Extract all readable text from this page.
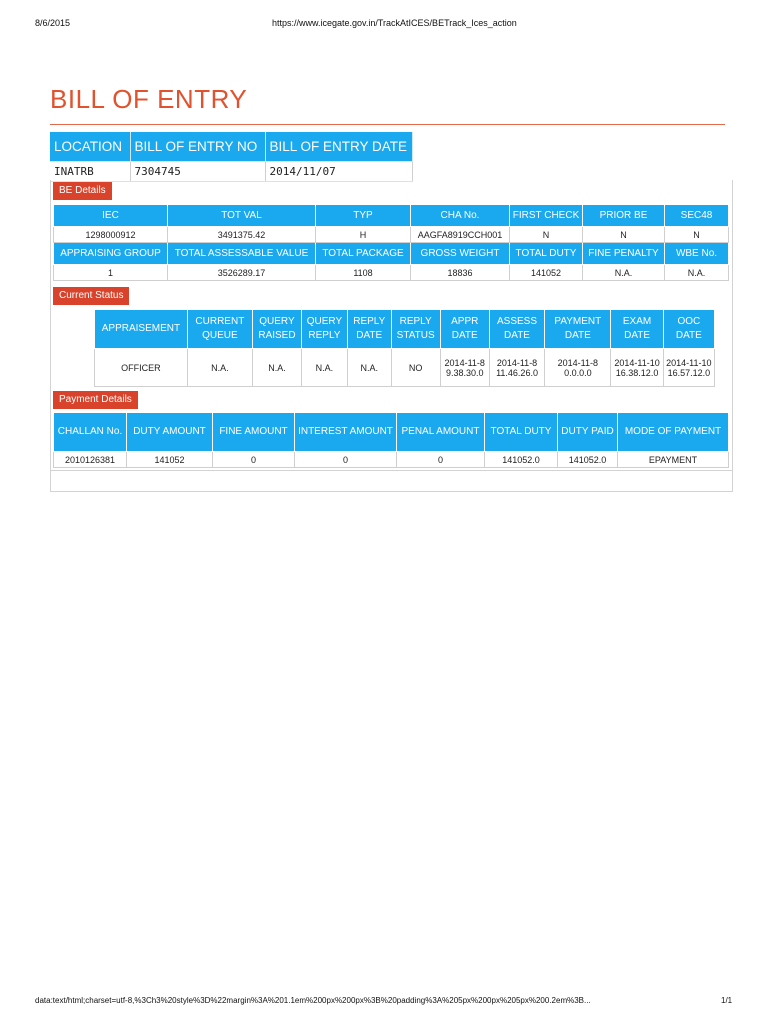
8/6/2015	https://www.icegate.gov.in/TrackAtICES/BETrack_Ices_action
BILL OF ENTRY
LOCATION	BILL OF ENTRY NO	BILL OF ENTRY DATE
INATRB	7304745	2014/11/07
BE Details
IEC	TOT VAL	TYP	CHA No.	FIRST CHECK	PRIOR BE	SEC48
1298000912	3491375.42	H	AAGFA8919CCH001	N	N	N
APPRAISING GROUP	TOTAL ASSESSABLE VALUE	TOTAL PACKAGE	GROSS WEIGHT	TOTAL DUTY	FINE PENALTY	WBE No.
1	3526289.17	1108	18836	141052	N.A.	N.A.
Current Status
APPRAISEMENT	CURRENT QUEUE	QUERY RAISED	QUERY REPLY	REPLY DATE	REPLY STATUS	APPR DATE	ASSESS DATE	PAYMENT DATE	EXAM DATE	OOC DATE
OFFICER	N.A.	N.A.	N.A.	N.A.	NO	2014-11-8 9.38.30.0	2014-11-8 11.46.26.0	2014-11-8 0.0.0.0	2014-11-10 16.38.12.0	2014-11-10 16.57.12.0
Payment Details
CHALLAN No.	DUTY AMOUNT	FINE AMOUNT	INTEREST AMOUNT	PENAL AMOUNT	TOTAL DUTY	DUTY PAID	MODE OF PAYMENT
2010126381	141052	0	0	0	141052.0	141052.0	EPAYMENT
data:text/html;charset=utf-8,%3Ch3%20style%3D%22margin%3A%201.1em%200px%200px%3B%20padding%3A%205px%200px%205px%200.2em%3B...	1/1
